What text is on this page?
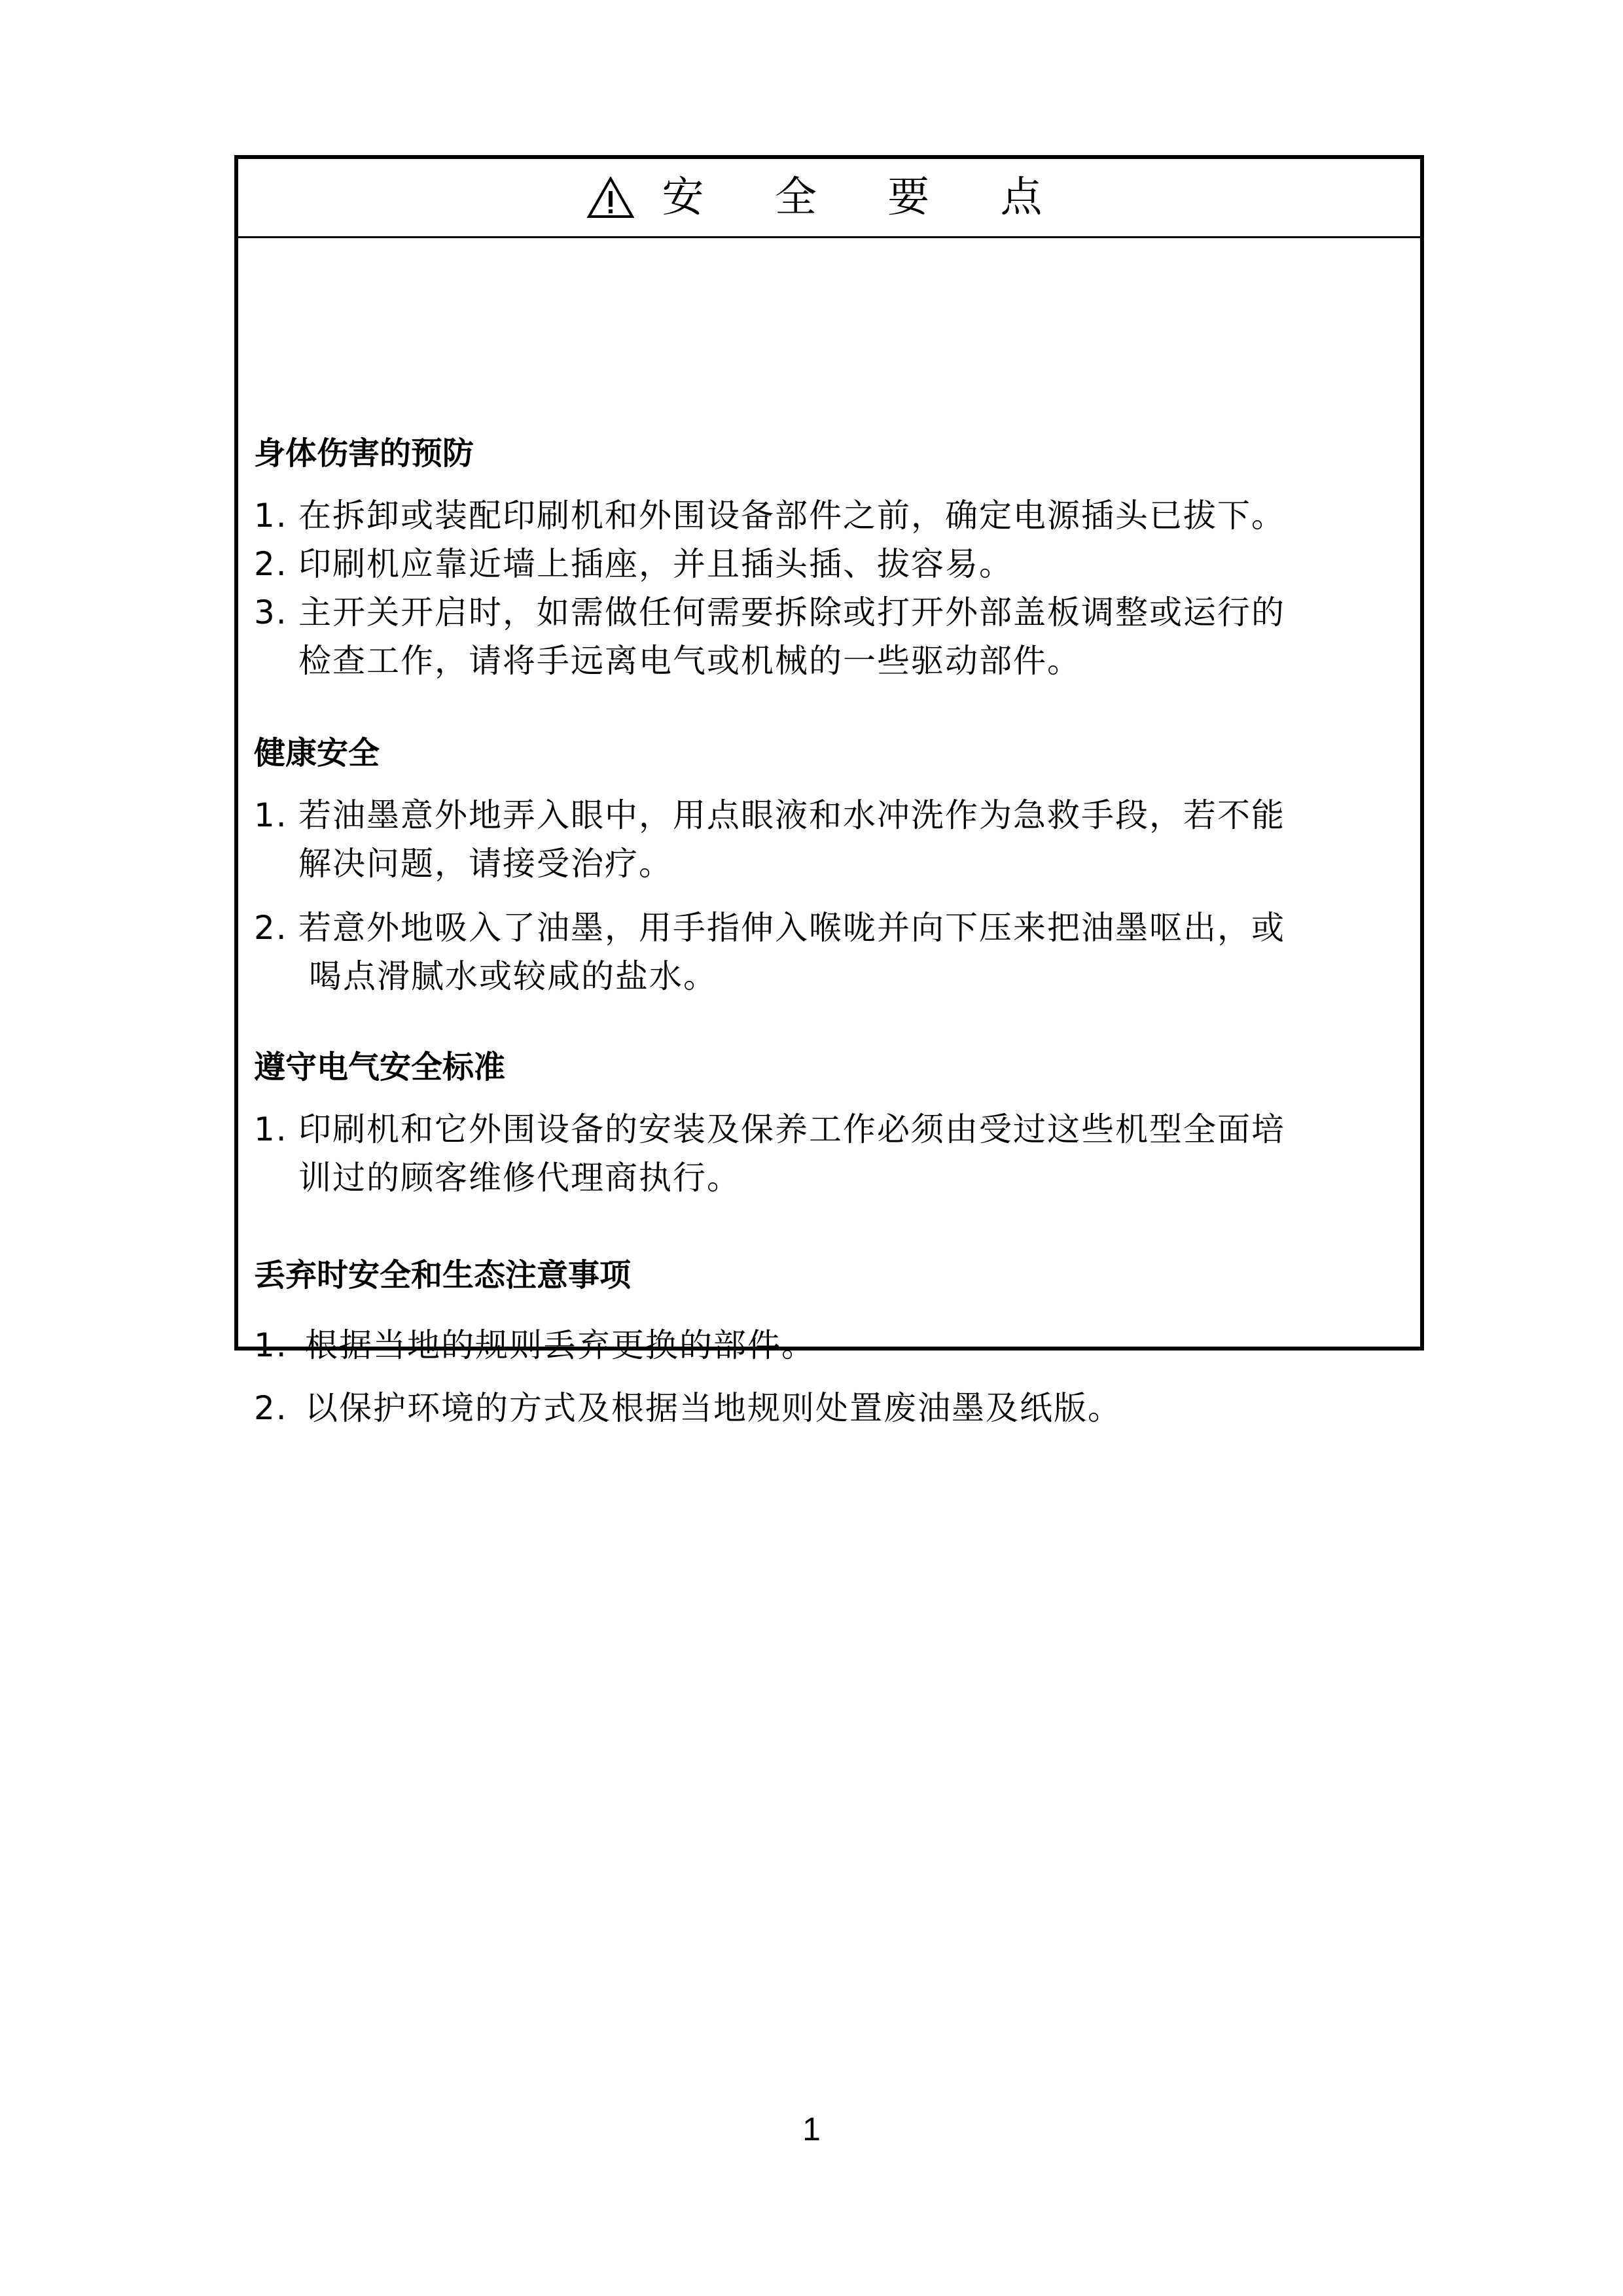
安 全 要 点
身体伤害的预防
1. 在拆卸或装配印刷机和外围设备部件之前，确定电源插头已拔下。
2. 印刷机应靠近墙上插座，并且插头插、拔容易。
3. 主开关开启时，如需做任何需要拆除或打开外部盖板调整或运行的
检查工作，请将手远离电气或机械的一些驱动部件。
健康安全
1. 若油墨意外地弄入眼中，用点眼液和水冲洗作为急救手段，若不能
解决问题，请接受治疗。
2. 若意外地吸入了油墨，用手指伸入喉咙并向下压来把油墨呕出，或
喝点滑腻水或较咸的盐水。
遵守电气安全标准
1. 印刷机和它外围设备的安装及保养工作必须由受过这些机型全面培
训过的顾客维修代理商执行。
丢弃时安全和生态注意事项
1. 根据当地的规则丢弃更换的部件。
2. 以保护环境的方式及根据当地规则处置废油墨及纸版。
1
